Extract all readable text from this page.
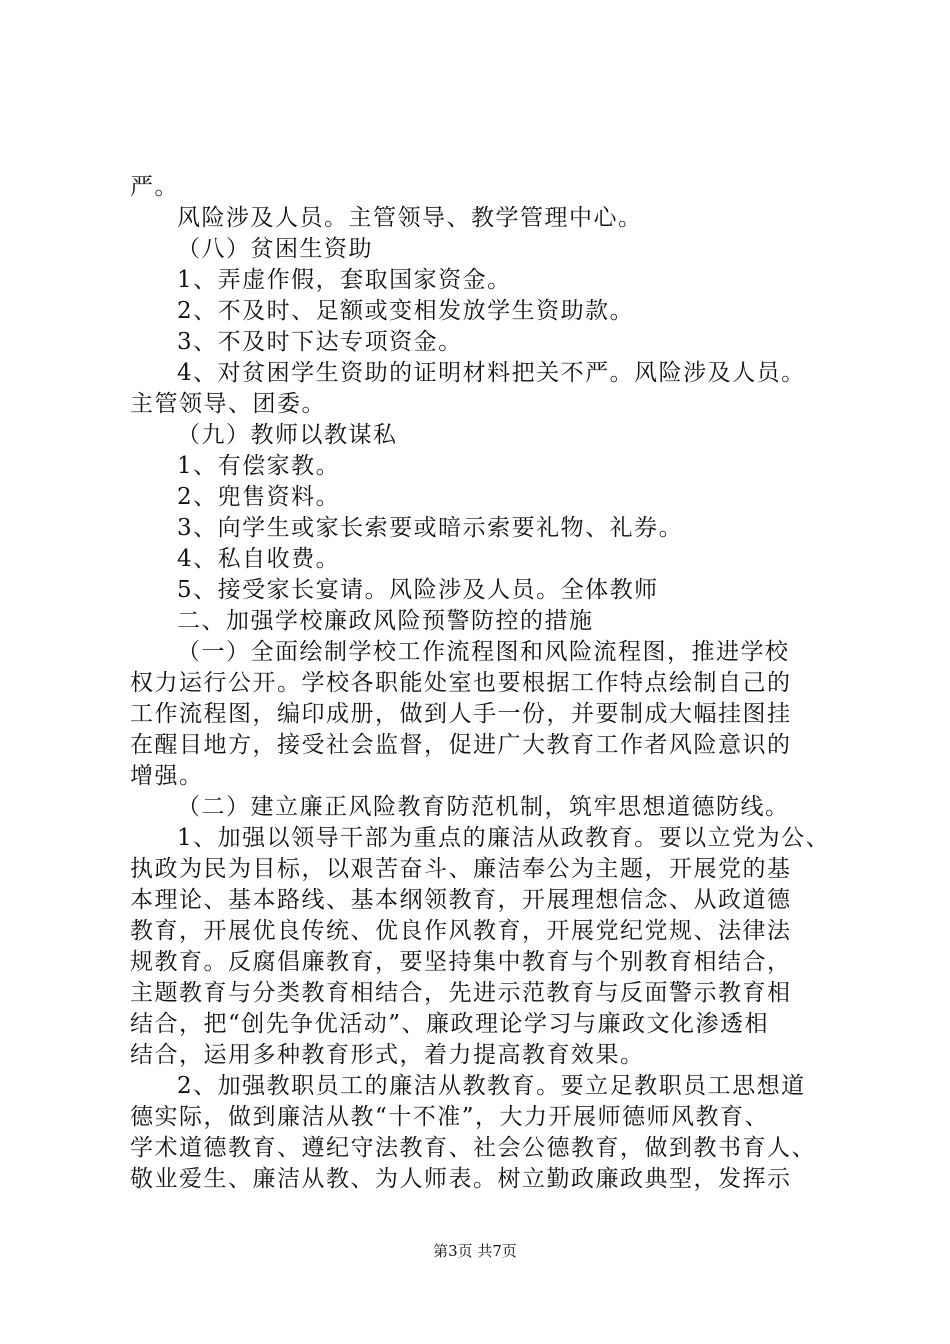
严。
风险涉及人员。主管领导、教学管理中心。
（八）贫困生资助
1、弄虚作假，套取国家资金。
2、不及时、足额或变相发放学生资助款。
3、不及时下达专项资金。
4、对贫困学生资助的证明材料把关不严。风险涉及人员。
主管领导、团委。
（九）教师以教谋私
1、有偿家教。
2、兜售资料。
3、向学生或家长索要或暗示索要礼物、礼券。
4、私自收费。
5、接受家长宴请。风险涉及人员。全体教师
二、加强学校廉政风险预警防控的措施
（一）全面绘制学校工作流程图和风险流程图，推进学校
权力运行公开。学校各职能处室也要根据工作特点绘制自己的
工作流程图，编印成册，做到人手一份，并要制成大幅挂图挂
在醒目地方，接受社会监督，促进广大教育工作者风险意识的
增强。
（二）建立廉正风险教育防范机制，筑牢思想道德防线。
1、加强以领导干部为重点的廉洁从政教育。要以立党为公、
执政为民为目标，以艰苦奋斗、廉洁奉公为主题，开展党的基
本理论、基本路线、基本纲领教育，开展理想信念、从政道德
教育，开展优良传统、优良作风教育，开展党纪党规、法律法
规教育。反腐倡廉教育，要坚持集中教育与个别教育相结合，
主题教育与分类教育相结合，先进示范教育与反面警示教育相
结合，把“创先争优活动”、廉政理论学习与廉政文化渗透相
结合，运用多种教育形式，着力提高教育效果。
2、加强教职员工的廉洁从教教育。要立足教职员工思想道
德实际，做到廉洁从教“十不准”，大力开展师德师风教育、
学术道德教育、遵纪守法教育、社会公德教育，做到教书育人、
敬业爱生、廉洁从教、为人师表。树立勤政廉政典型，发挥示
第3页 共7页
